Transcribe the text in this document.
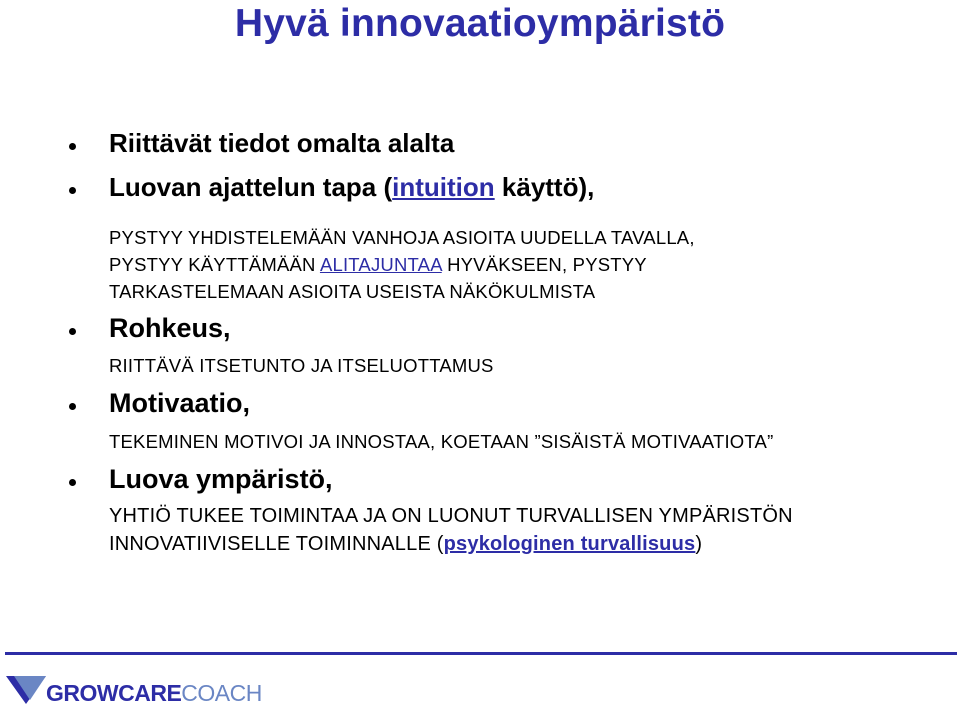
Hyvä innovaatioympäristö
Riittävät tiedot omalta alalta
Luovan ajattelun tapa (intuition käyttö),
PYSTYY YHDISTELEMÄÄN VANHOJA ASIOITA UUDELLA TAVALLA,
PYSTYY KÄYTTÄMÄÄN ALITAJUNTAA HYVÄKSEEN, PYSTYY
TARKASTELEMAAN ASIOITA USEISTA NÄKÖKULMISTA
Rohkeus,
RIITTÄVÄ ITSETUNTO JA ITSELUOTTAMUS
Motivaatio,
TEKEMINEN MOTIVOI JA INNOSTAA, KOETAAN ”SISÄISTÄ MOTIVAATIOTA”
Luova ympäristö,
YHTIÖ TUKEE TOIMINTAA JA ON LUONUT TURVALLISEN YMPÄRISTÖN
INNOVATIIVISELLE TOIMINNALLE (psykologinen turvallisuus)
GROWCARECOACH
